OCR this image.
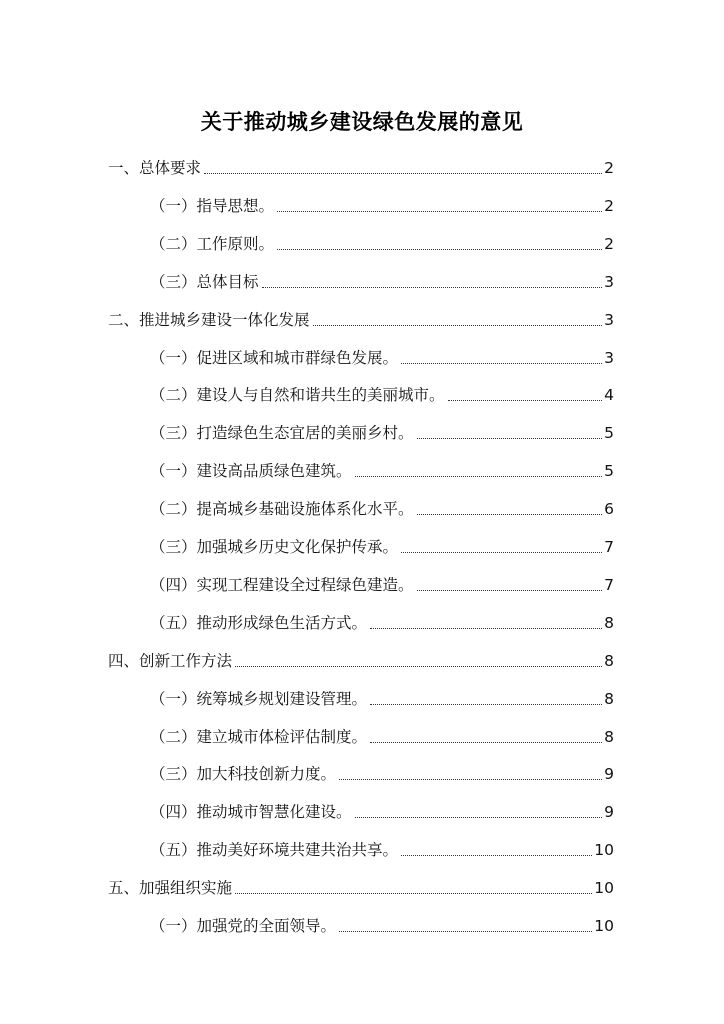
关于推动城乡建设绿色发展的意见
一、总体要求	2
（一）指导思想。	2
（二）工作原则。	2
（三）总体目标	3
二、推进城乡建设一体化发展	3
（一）促进区域和城市群绿色发展。	3
（二）建设人与自然和谐共生的美丽城市。	4
（三）打造绿色生态宜居的美丽乡村。	5
（一）建设高品质绿色建筑。	5
（二）提高城乡基础设施体系化水平。	6
（三）加强城乡历史文化保护传承。	7
（四）实现工程建设全过程绿色建造。	7
（五）推动形成绿色生活方式。	8
四、创新工作方法	8
（一）统筹城乡规划建设管理。	8
（二）建立城市体检评估制度。	8
（三）加大科技创新力度。	9
（四）推动城市智慧化建设。	9
（五）推动美好环境共建共治共享。	10
五、加强组织实施	10
（一）加强党的全面领导。	10
